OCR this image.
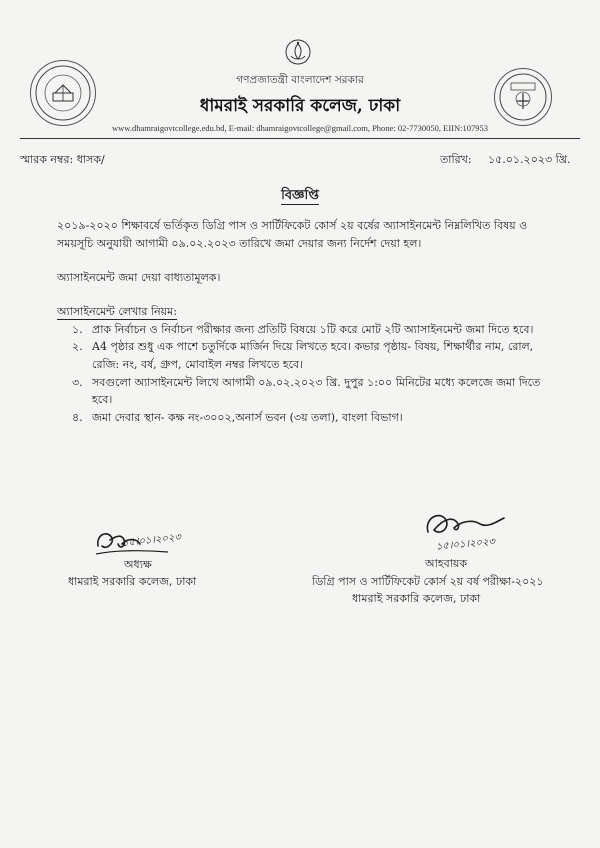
গণপ্রজাতন্ত্রী বাংলাদেশ সরকার
ধামরাই সরকারি কলেজ, ঢাকা
www.dhamraigovtcollege.edu.bd, E-mail: dhamraigovtcollege@gmail.com, Phone: 02-7730050, EIIN:107953
স্মারক নম্বর: ধাসক/	তারিখ: ১৫.০১.২০২৩ খ্রি.
বিজ্ঞপ্তি
২০১৯-২০২০ শিক্ষাবর্ষে ভর্তিকৃত ডিগ্রি পাস ও সার্টিফিকেট কোর্স ২য় বর্ষের অ্যাসাইনমেন্ট নিম্নলিখিত বিষয় ও
সময়সূচি অনুযায়ী আগামী ০৯.০২.২০২৩ তারিখে জমা দেয়ার জন্য নির্দেশ দেয়া হল।
অ্যাসাইনমেন্ট জমা দেয়া বাধ্যতামূলক।
অ্যাসাইনমেন্ট লেখার নিয়ম:
১. প্রাক নির্বাচন ও নির্বাচন পরীক্ষার জন্য প্রতিটি বিষয়ে ১টি করে মোট ২টি অ্যাসাইনমেন্ট জমা দিতে হবে।
২. A4 পৃষ্ঠার শুধু এক পাশে চতুর্দিকে মার্জিন দিয়ে লিখতে হবে। কভার পৃষ্ঠায়- বিষয়, শিক্ষার্থীর নাম, রোল,
রেজি: নং, বর্ষ, গ্রুপ, মোবাইল নম্বর লিখতে হবে।
৩. সবগুলো অ্যাসাইনমেন্ট লিখে আগামী ০৯.০২.২০২৩ খ্রি. দুপুর ১:০০ মিনিটের মধ্যে কলেজে জমা দিতে
হবে।
৪. জমা দেবার স্থান- কক্ষ নং-৩০০২,অনার্স ভবন (৩য় তলা), বাংলা বিভাগ।
১৫।০১।২০২৩
অধ্যক্ষ
ধামরাই সরকারি কলেজ, ঢাকা
১৫।০১।২০২৩
আহবায়ক
ডিগ্রি পাস ও সার্টিফিকেট কোর্স ২য় বর্ষ পরীক্ষা-২০২১
ধামরাই সরকারি কলেজ, ঢাকা
